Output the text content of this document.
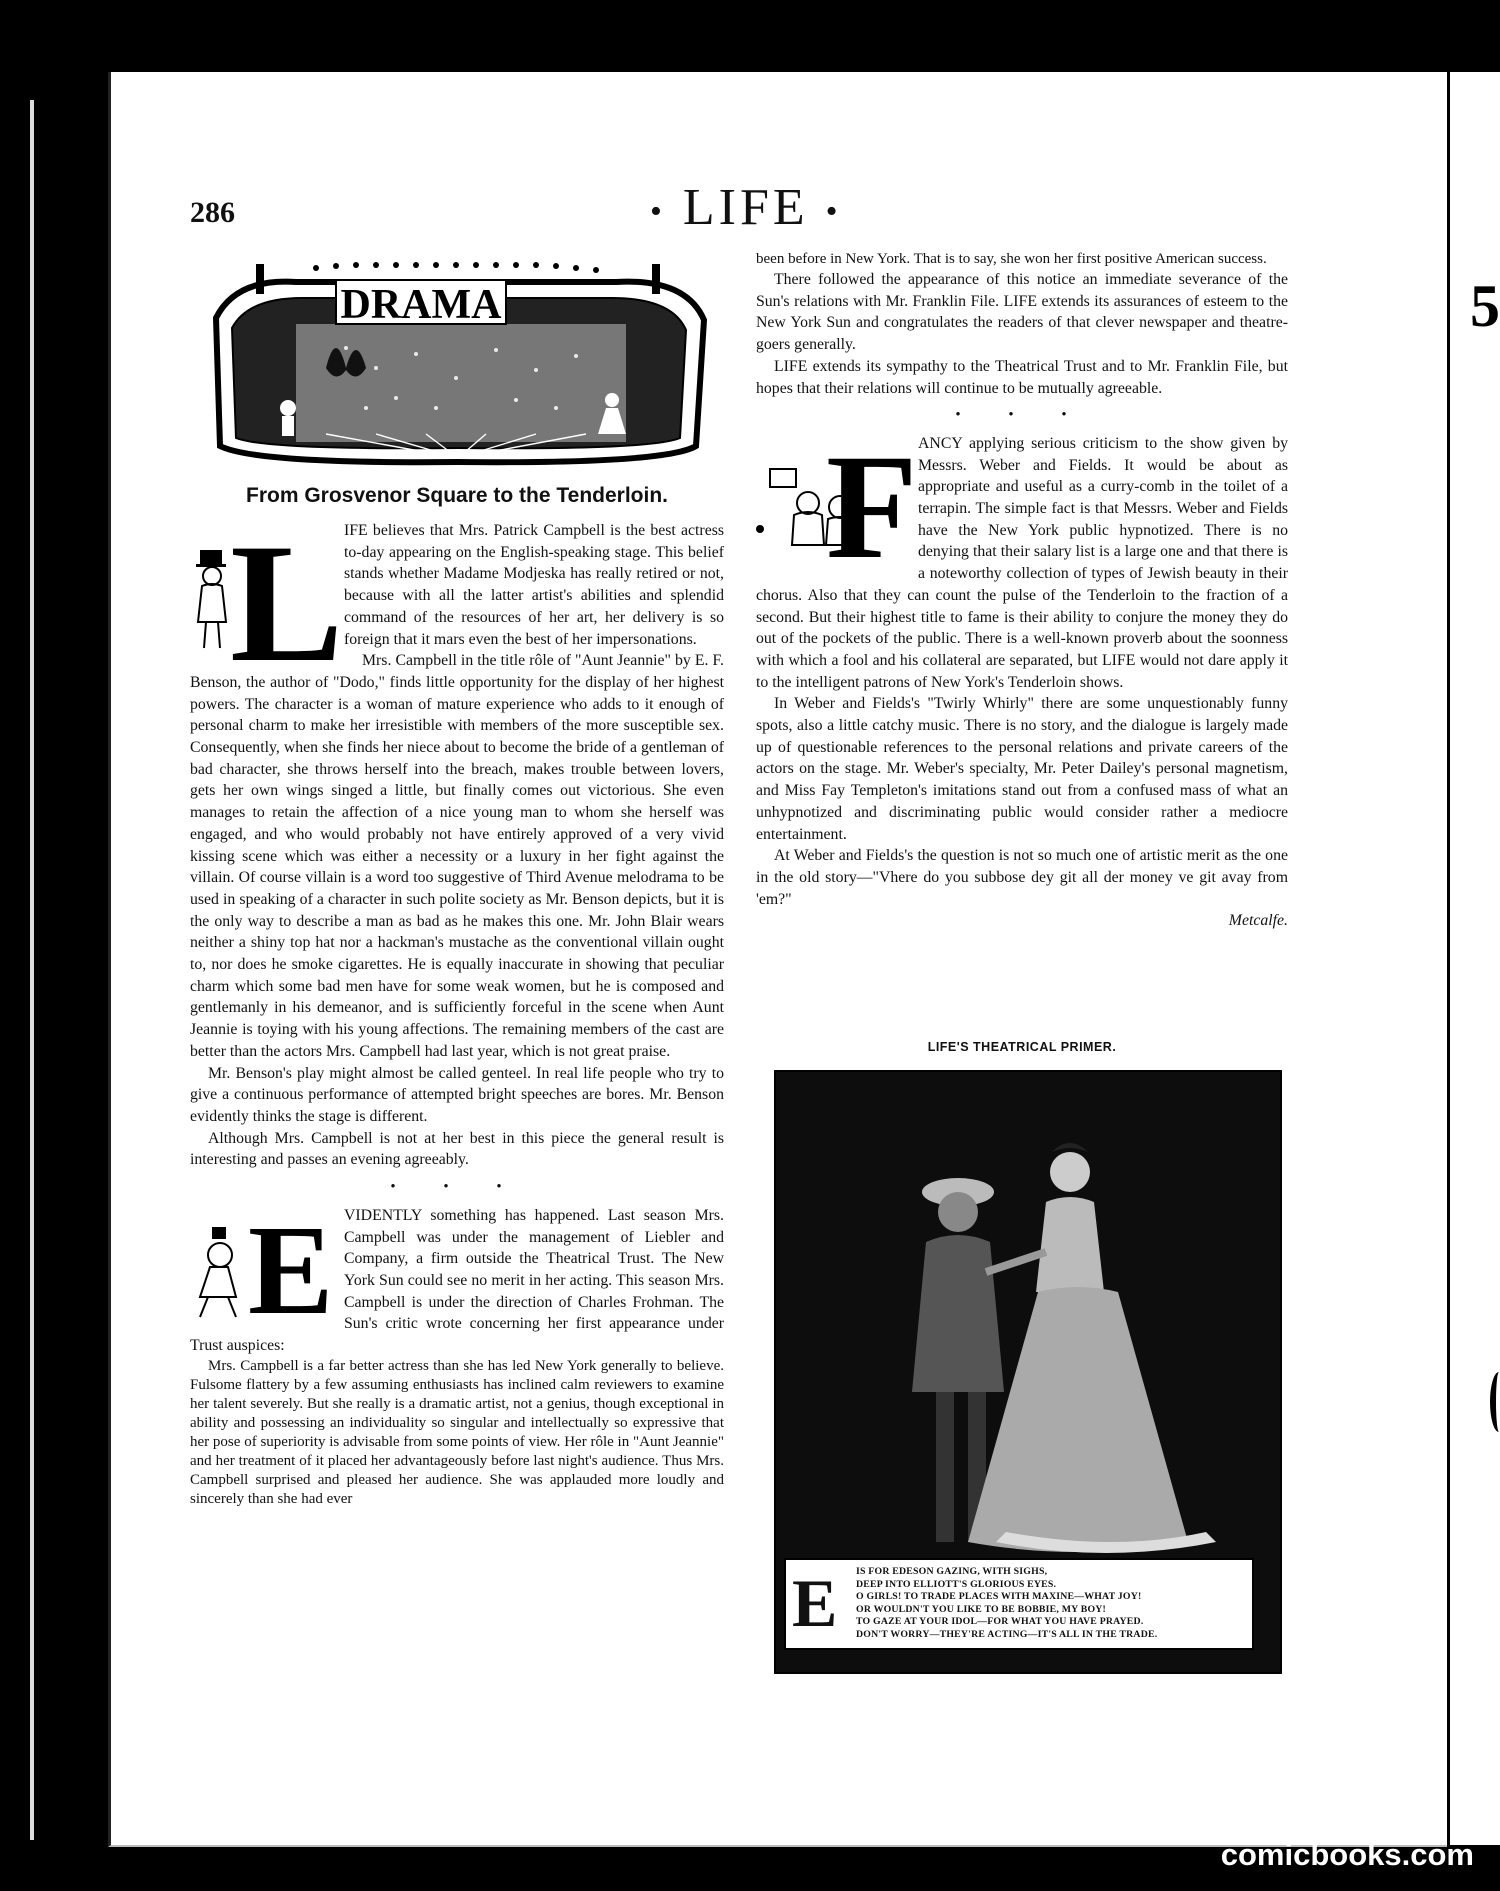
5
286	• LIFE •
DRAMA
From Grosvenor Square to the Tenderloin.
L IFE believes that Mrs. Patrick Campbell is the best actress to-day appearing on the English-speaking stage. This belief stands whether Madame Modjeska has really retired or not, because with all the latter artist's abilities and splendid command of the resources of her art, her delivery is so foreign that it mars even the best of her impersonations.

Mrs. Campbell in the title rôle of "Aunt Jeannie" by E. F. Benson, the author of "Dodo," finds little opportunity for the display of her highest powers. The character is a woman of mature experience who adds to it enough of personal charm to make her irresistible with members of the more susceptible sex. Consequently, when she finds her niece about to become the bride of a gentleman of bad character, she throws herself into the breach, makes trouble between lovers, gets her own wings singed a little, but finally comes out victorious. She even manages to retain the affection of a nice young man to whom she herself was engaged, and who would probably not have entirely approved of a very vivid kissing scene which was either a necessity or a luxury in her fight against the villain. Of course villain is a word too suggestive of Third Avenue melodrama to be used in speaking of a character in such polite society as Mr. Benson depicts, but it is the only way to describe a man as bad as he makes this one. Mr. John Blair wears neither a shiny top hat nor a hackman's mustache as the conventional villain ought to, nor does he smoke cigarettes. He is equally inaccurate in showing that peculiar charm which some bad men have for some weak women, but he is composed and gentlemanly in his demeanor, and is sufficiently forceful in the scene when Aunt Jeannie is toying with his young affections. The remaining members of the cast are better than the actors Mrs. Campbell had last year, which is not great praise.

Mr. Benson's play might almost be called genteel. In real life people who try to give a continuous performance of attempted bright speeches are bores. Mr. Benson evidently thinks the stage is different.

Although Mrs. Campbell is not at her best in this piece the general result is interesting and passes an evening agreeably.

• • •
E VIDENTLY something has happened. Last season Mrs. Campbell was under the management of Liebler and Company, a firm outside the Theatrical Trust. The New York Sun could see no merit in her acting. This season Mrs. Campbell is under the direction of Charles Frohman. The Sun's critic wrote concerning her first appearance under Trust auspices:

Mrs. Campbell is a far better actress than she has led New York generally to believe. Fulsome flattery by a few assuming enthusiasts has inclined calm reviewers to examine her talent severely. But she really is a dramatic artist, not a genius, though exceptional in ability and possessing an individuality so singular and intellectually so expressive that her pose of superiority is advisable from some points of view. Her rôle in "Aunt Jeannie" and her treatment of it placed her advantageously before last night's audience. Thus Mrs. Campbell surprised and pleased her audience. She was applauded more loudly and sincerely than she had ever

been before in New York. That is to say, she won her first positive American success.

There followed the appearance of this notice an immediate severance of the Sun's relations with Mr. Franklin File. LIFE extends its assurances of esteem to the New York Sun and congratulates the readers of that clever newspaper and theatre-goers generally.

LIFE extends its sympathy to the Theatrical Trust and to Mr. Franklin File, but hopes that their relations will continue to be mutually agreeable.

• • •
F ANCY applying serious criticism to the show given by Messrs. Weber and Fields. It would be about as appropriate and useful as a curry-comb in the toilet of a terrapin. The simple fact is that Messrs. Weber and Fields have the New York public hypnotized. There is no denying that their salary list is a large one and that there is a noteworthy collection of types of Jewish beauty in their chorus. Also that they can count the pulse of the Tenderloin to the fraction of a second. But their highest title to fame is their ability to conjure the money they do out of the pockets of the public. There is a well-known proverb about the soonness with which a fool and his collateral are separated, but LIFE would not dare apply it to the intelligent patrons of New York's Tenderloin shows.

In Weber and Fields's "Twirly Whirly" there are some unquestionably funny spots, also a little catchy music. There is no story, and the dialogue is largely made up of questionable references to the personal relations and private careers of the actors on the stage. Mr. Weber's specialty, Mr. Peter Dailey's personal magnetism, and Miss Fay Templeton's imitations stand out from a confused mass of what an unhypnotized and discriminating public would consider rather a mediocre entertainment.

At Weber and Fields's the question is not so much one of artistic merit as the one in the old story—"Vhere do you subbose dey git all der money ve git avay from 'em?"

Metcalfe.
LIFE'S THEATRICAL PRIMER.
E IS FOR EDESON GAZING, WITH SIGHS,
DEEP INTO ELLIOTT'S GLORIOUS EYES.
O GIRLS! TO TRADE PLACES WITH MAXINE—WHAT JOY!
OR WOULDN'T YOU LIKE TO BE BOBBIE, MY BOY!
TO GAZE AT YOUR IDOL—FOR WHAT YOU HAVE PRAYED.
DON'T WORRY—THEY'RE ACTING—IT'S ALL IN THE TRADE.
comicbooks.com
